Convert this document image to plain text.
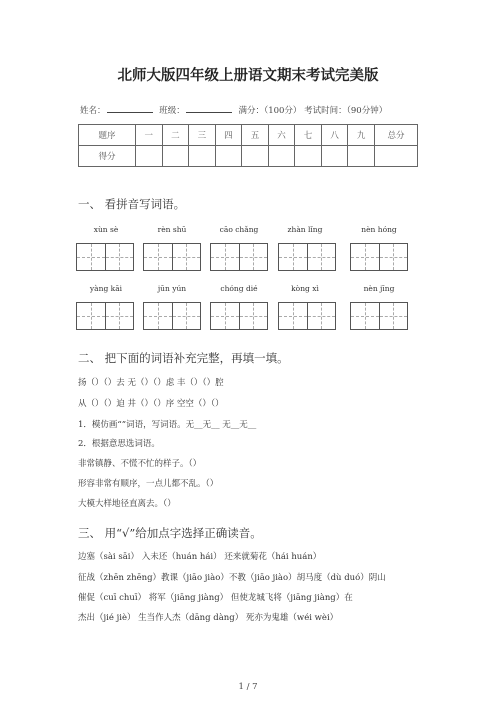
北师大版四年级上册语文期末考试完美版
姓名：	班级：	满分：（100分） 考试时间：（90分钟）
题序	一	二	三	四	五	六	七	八	九	总分
得分										
一、 看拼音写词语。
xùn sè	rèn shū	cāo chǎng	zhàn lǐng	nèn hóng
yàng kāi	jūn yún	chóng dié	kòng xì	nèn jīng
二、 把下面的词语补充完整，再填一填。
扬（）（）去 无（）（）虑 丰（）（）腔
从（）（）迫 井（）（）序 空空（）（）
1．模仿画“”词语，写词语。无__无__ 无__无__
2．根据意思选词语。
非常镇静、不慌不忙的样子。（）
形容非常有顺序，一点儿都不乱。（）
大模大样地径直离去。（）
三、 用“√”给加点字选择正确读音。
边塞（sài sāi） 入未还（huán hái） 还来就菊花（hái huán）
征战（zhēn zhēng）教课（jiāo jiào）不教（jiāo jiào）胡马度（dù duó）阴山
催促（cuī chuī） 将军（jiāng jiàng） 但使龙城飞将（jiāng jiàng）在
杰出（jié jiè） 生当作人杰（dāng dàng） 死亦为鬼雄（wéi wèi）
1 / 7
